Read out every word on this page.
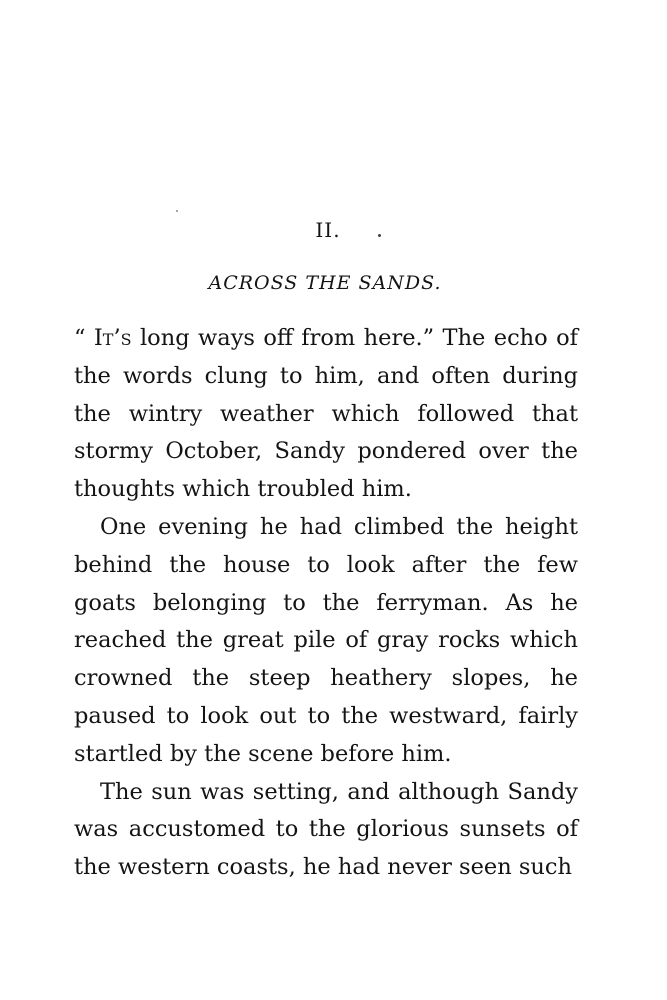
II.
ACROSS THE SANDS.

“ It’s long ways off from here.” The echo of the words clung to him, and often during the wintry weather which followed that stormy October, Sandy pondered over the thoughts which troubled him.

One evening he had climbed the height behind the house to look after the few goats belonging to the ferryman. As he reached the great pile of gray rocks which crowned the steep heathery slopes, he paused to look out to the westward, fairly startled by the scene before him.

The sun was setting, and although Sandy was accustomed to the glorious sunsets of the western coasts, he had never seen such
